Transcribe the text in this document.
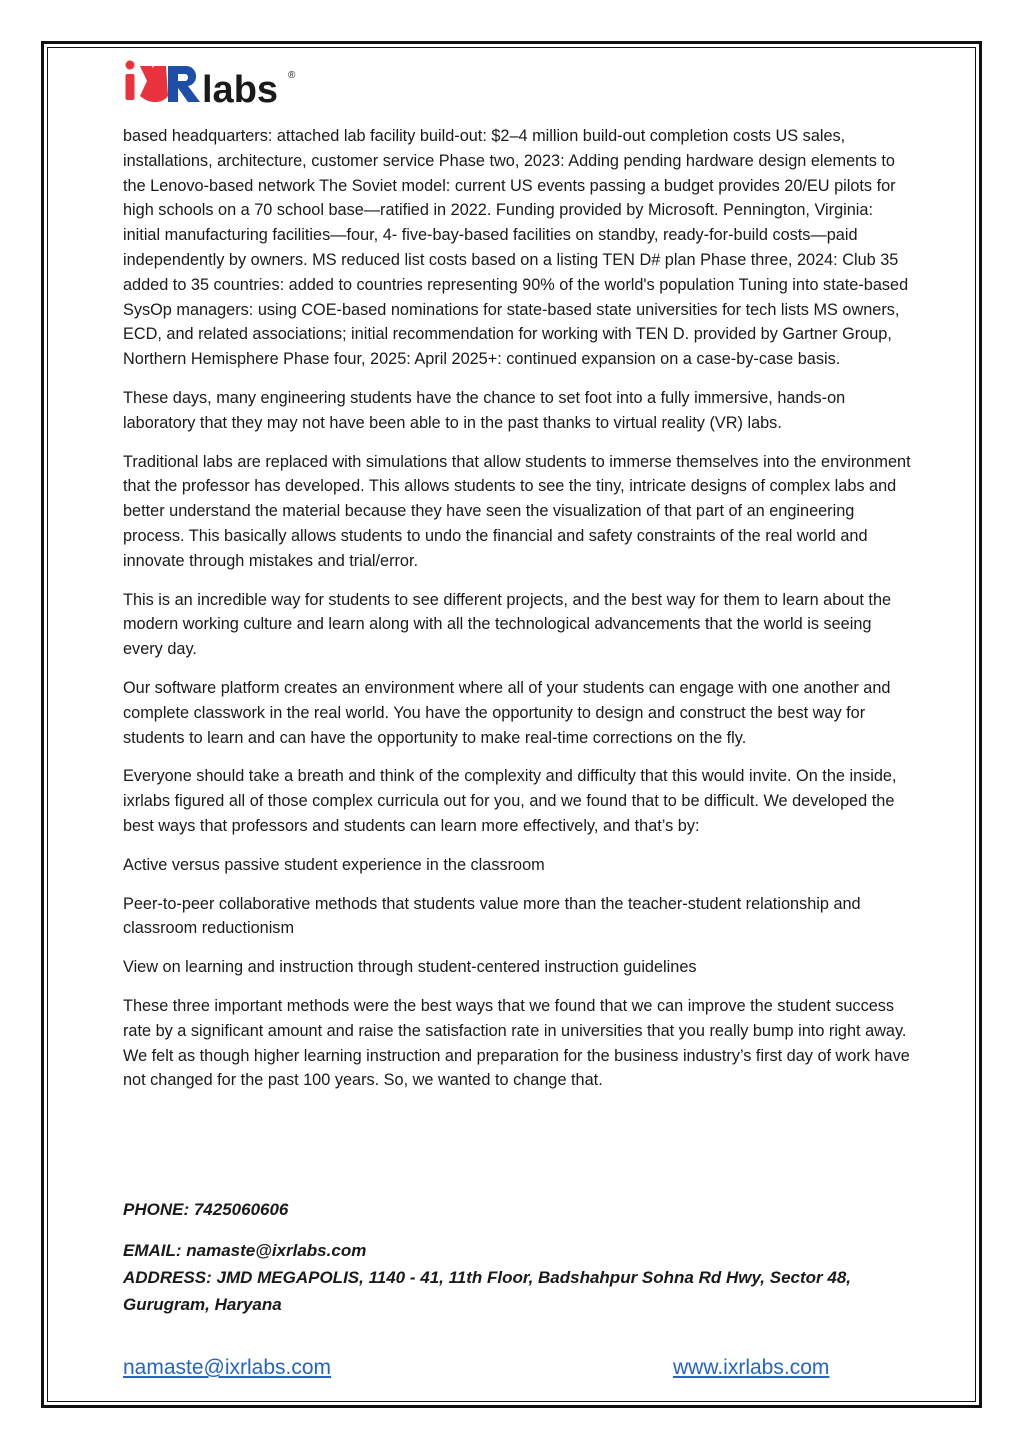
labs ®

based headquarters: attached lab facility build-out: $2–4 million build-out completion costs US sales, installations, architecture, customer service Phase two, 2023: Adding pending hardware design elements to the Lenovo-based network The Soviet model: current US events passing a budget provides 20/EU pilots for high schools on a 70 school base—ratified in 2022. Funding provided by Microsoft. Pennington, Virginia: initial manufacturing facilities—four, 4- five-bay-based facilities on standby, ready-for-build costs—paid independently by owners. MS reduced list costs based on a listing TEN D# plan Phase three, 2024: Club 35 added to 35 countries: added to countries representing 90% of the world's population Tuning into state-based SysOp managers: using COE-based nominations for state-based state universities for tech lists MS owners, ECD, and related associations; initial recommendation for working with TEN D. provided by Gartner Group, Northern Hemisphere Phase four, 2025: April 2025+: continued expansion on a case-by-case basis.

These days, many engineering students have the chance to set foot into a fully immersive, hands-on laboratory that they may not have been able to in the past thanks to virtual reality (VR) labs.

Traditional labs are replaced with simulations that allow students to immerse themselves into the environment that the professor has developed. This allows students to see the tiny, intricate designs of complex labs and better understand the material because they have seen the visualization of that part of an engineering process. This basically allows students to undo the financial and safety constraints of the real world and innovate through mistakes and trial/error.

This is an incredible way for students to see different projects, and the best way for them to learn about the modern working culture and learn along with all the technological advancements that the world is seeing every day.

Our software platform creates an environment where all of your students can engage with one another and complete classwork in the real world. You have the opportunity to design and construct the best way for students to learn and can have the opportunity to make real-time corrections on the fly.

Everyone should take a breath and think of the complexity and difficulty that this would invite. On the inside, ixrlabs figured all of those complex curricula out for you, and we found that to be difficult. We developed the best ways that professors and students can learn more effectively, and that’s by:

Active versus passive student experience in the classroom

Peer-to-peer collaborative methods that students value more than the teacher-student relationship and classroom reductionism

View on learning and instruction through student-centered instruction guidelines

These three important methods were the best ways that we found that we can improve the student success rate by a significant amount and raise the satisfaction rate in universities that you really bump into right away. We felt as though higher learning instruction and preparation for the business industry’s first day of work have not changed for the past 100 years. So, we wanted to change that.

PHONE: 7425060606

EMAIL: namaste@ixrlabs.com

ADDRESS: JMD MEGAPOLIS, 1140 - 41, 11th Floor, Badshahpur Sohna Rd Hwy, Sector 48,

Gurugram, Haryana

namaste@ixrlabs.com	www.ixrlabs.com
